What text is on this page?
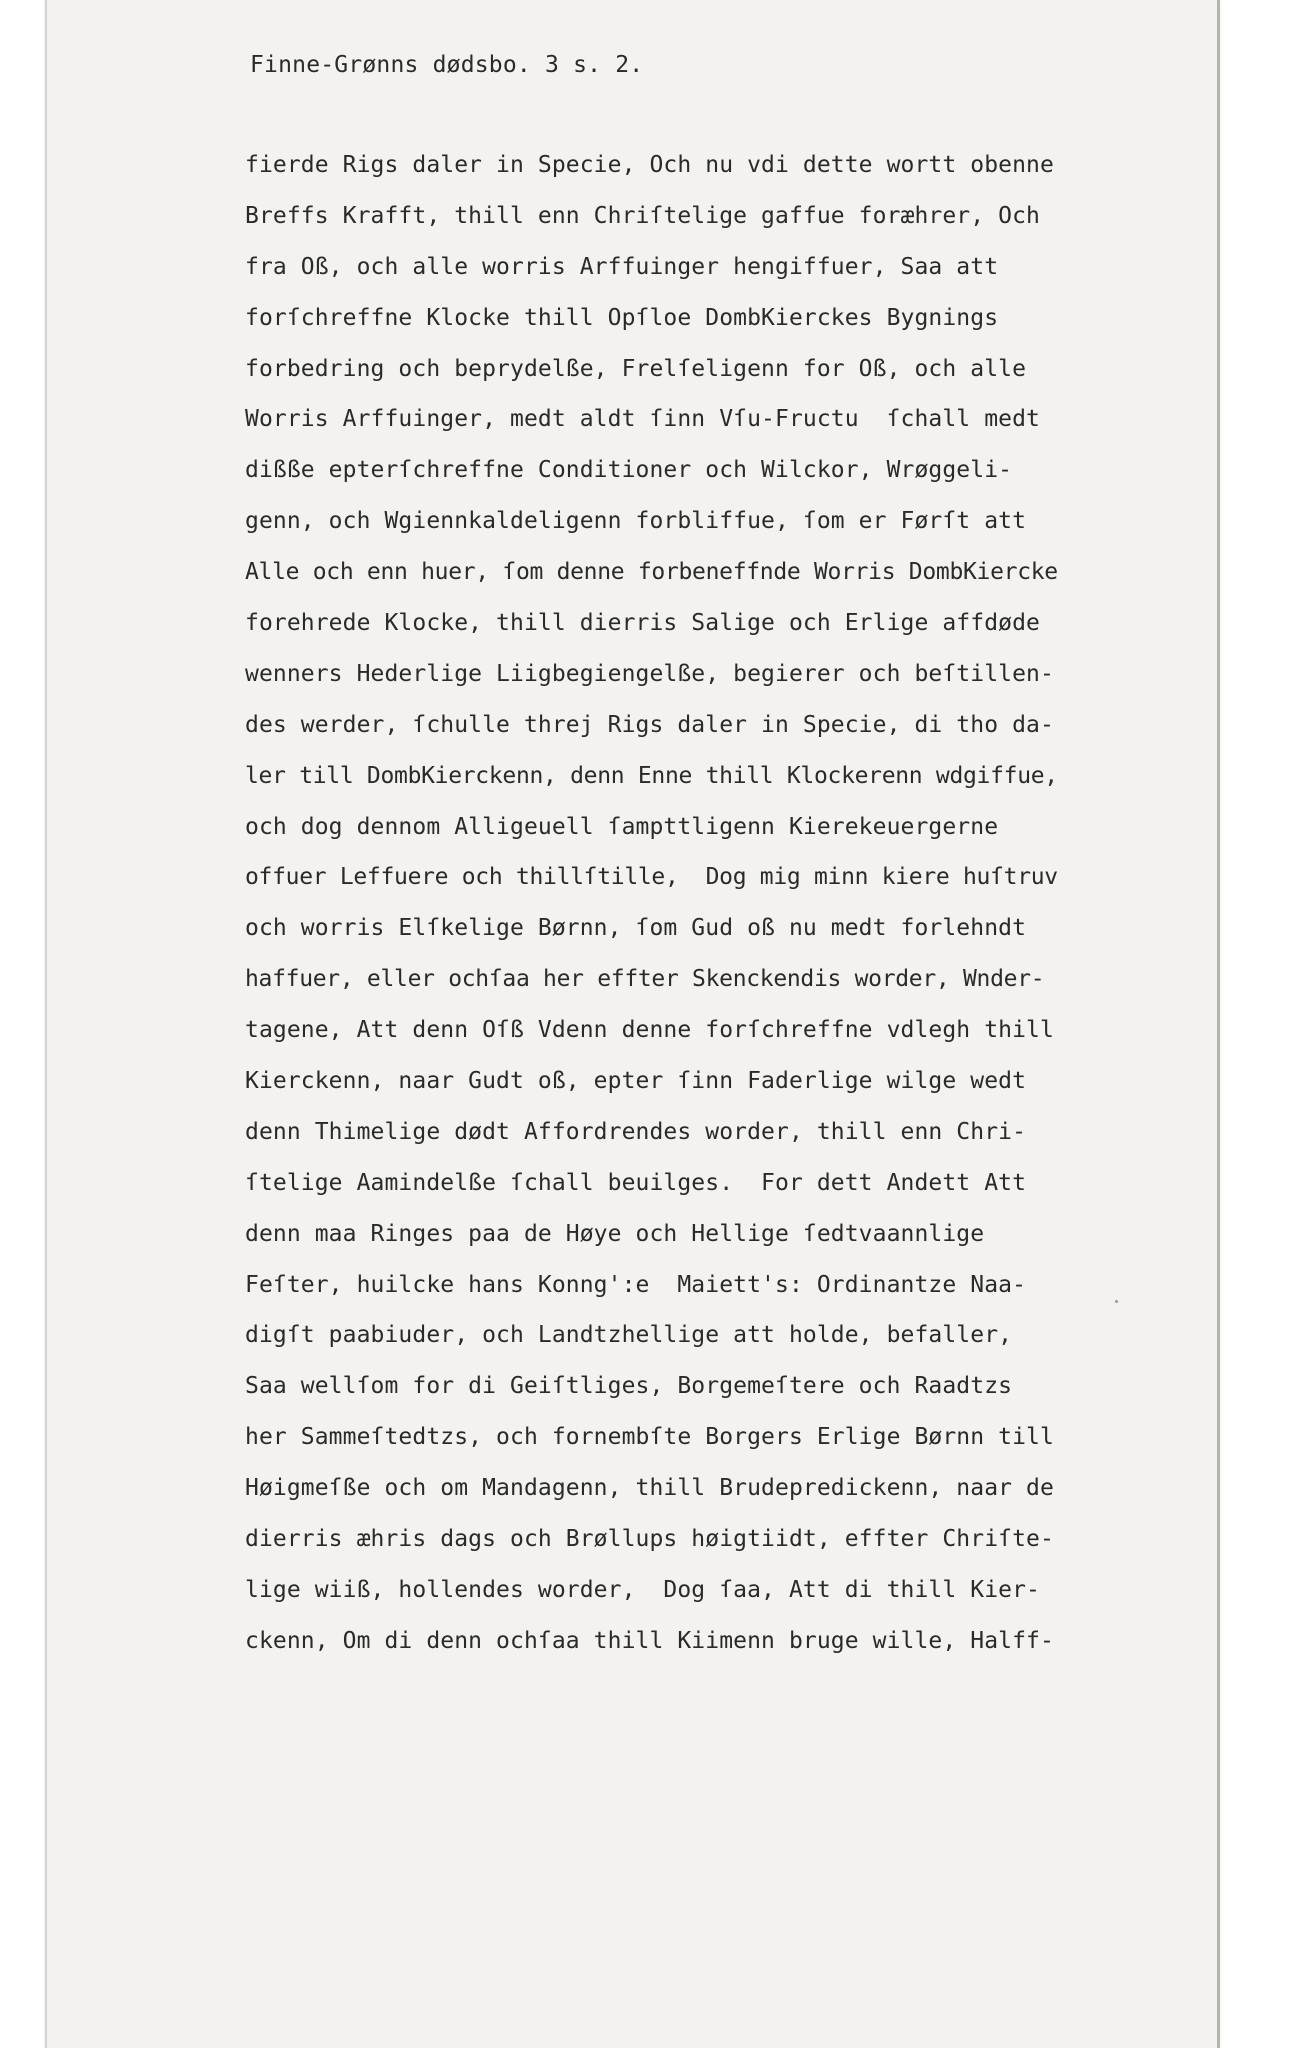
Finne-Grønns dødsbo. 3 s. 2.
fierde Rigs daler in Specie, Och nu vdi dette wortt obenne
Breffs Krafft, thill enn Chriſtelige gaffue foræhrer, Och
fra Oß, och alle worris Arffuinger hengiffuer, Saa att
forſchreffne Klocke thill Opſloe DombKierckes Bygnings
forbedring och beprydelße, Frelſeligenn for Oß, och alle
Worris Arffuinger, medt aldt ſinn Vſu-Fructu  ſchall medt
dißße epterſchreffne Conditioner och Wilckor, Wrøggeli-
genn, och Wgiennkaldeligenn forbliffue, ſom er Førſt att
Alle och enn huer, ſom denne forbeneffnde Worris DombKiercke
forehrede Klocke, thill dierris Salige och Erlige affdøde
wenners Hederlige Liigbegiengelße, begierer och beſtillen-
des werder, ſchulle threj Rigs daler in Specie, di tho da-
ler till DombKierckenn, denn Enne thill Klockerenn wdgiffue,
och dog dennom Alligeuell ſampttligenn Kierekeuergerne
offuer Leffuere och thillſtille,  Dog mig minn kiere huſtruv
och worris Elſkelige Børnn, ſom Gud oß nu medt forlehndt
haffuer, eller ochſaa her effter Skenckendis worder, Wnder-
tagene, Att denn Oſß Vdenn denne forſchreffne vdlegh thill
Kierckenn, naar Gudt oß, epter ſinn Faderlige wilge wedt
denn Thimelige dødt Affordrendes worder, thill enn Chri-
ſtelige Aamindelße ſchall beuilges.  For dett Andett Att
denn maa Ringes paa de Høye och Hellige ſedtvaannlige
Feſter, huilcke hans Konng':e  Maiett's: Ordinantze Naa-
digſt paabiuder, och Landtzhellige att holde, befaller,
Saa wellſom for di Geiſtliges, Borgemeſtere och Raadtzs
her Sammeſtedtzs, och fornembſte Borgers Erlige Børnn till
Høigmeſße och om Mandagenn, thill Brudepredickenn, naar de
dierris æhris dags och Brøllups høigtiidt, effter Chriſte-
lige wiiß, hollendes worder,  Dog ſaa, Att di thill Kier-
ckenn, Om di denn ochſaa thill Kiimenn bruge wille, Halff-
